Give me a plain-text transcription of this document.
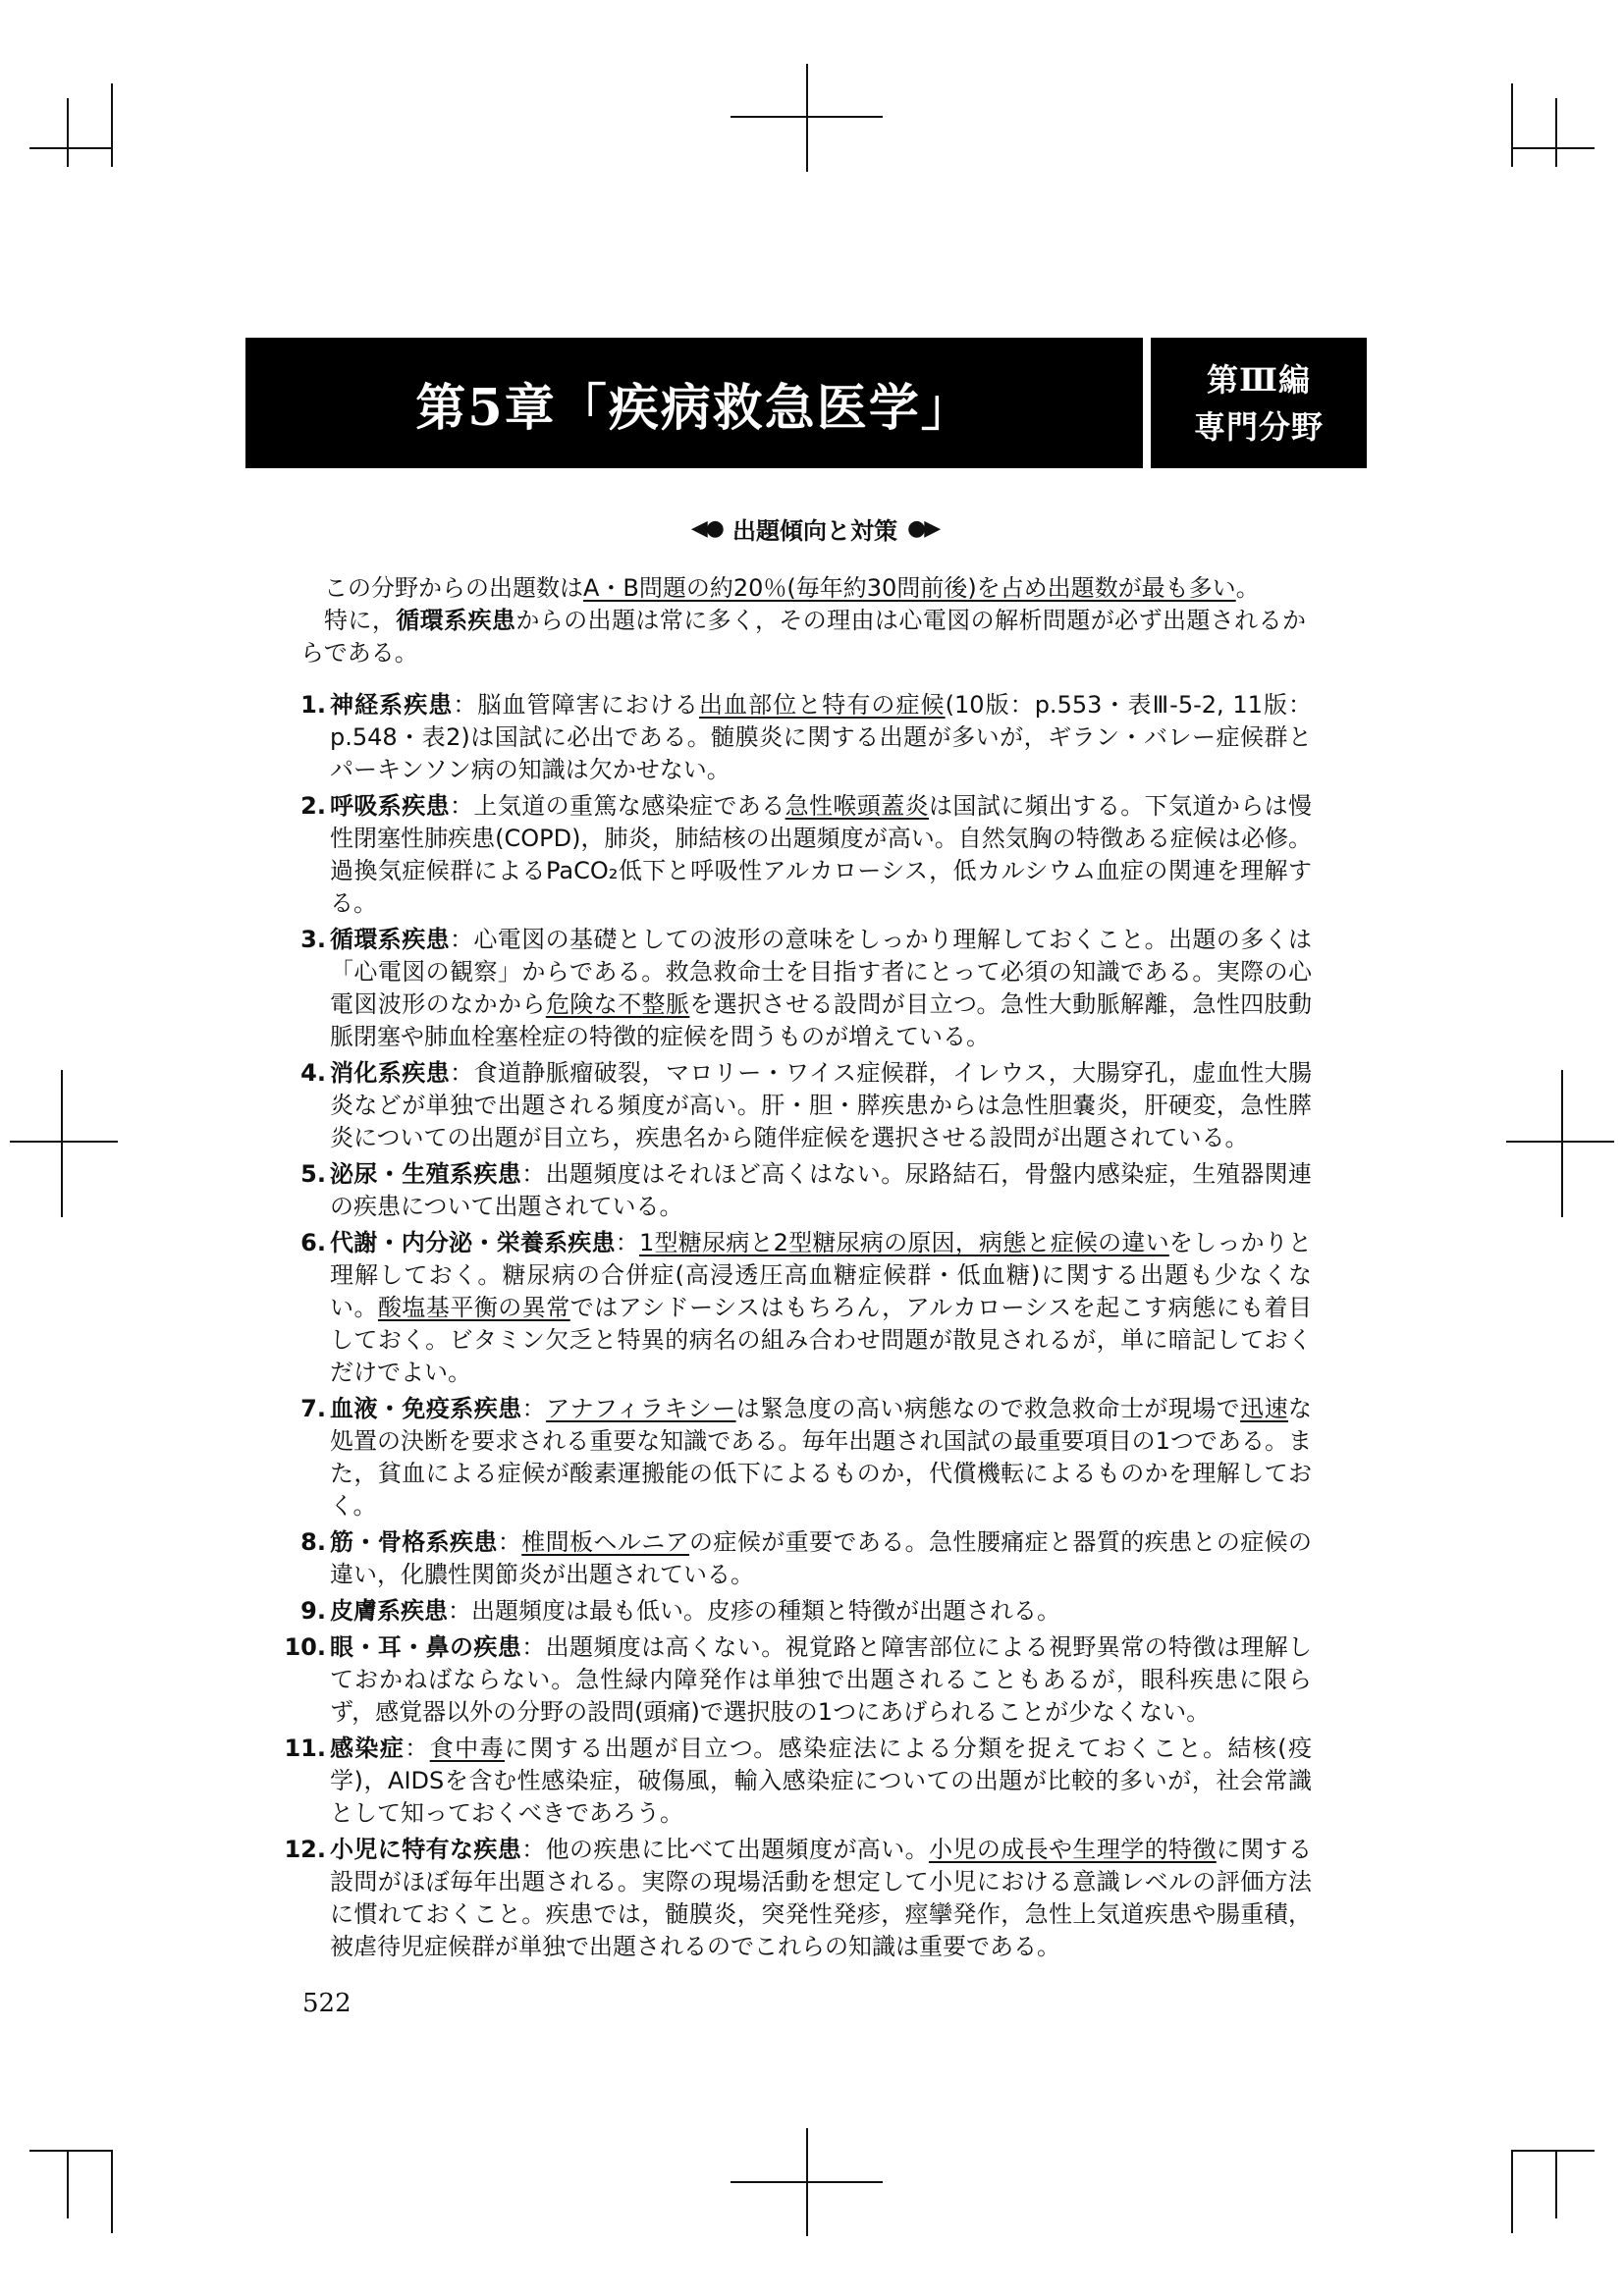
第5章「疾病救急医学」	第Ⅲ編
専門分野
◀● 出題傾向と対策 ●▶

この分野からの出題数はA・B問題の約20％(毎年約30問前後)を占め出題数が最も多い。

特に，循環系疾患からの出題は常に多く，その理由は心電図の解析問題が必ず出題されるからである。

1. 神経系疾患：脳血管障害における出血部位と特有の症候(10版：p.553・表Ⅲ-5-2, 11版：p.548・表2)は国試に必出である。髄膜炎に関する出題が多いが，ギラン・バレー症候群とパーキンソン病の知識は欠かせない。
2. 呼吸系疾患：上気道の重篤な感染症である急性喉頭蓋炎は国試に頻出する。下気道からは慢性閉塞性肺疾患(COPD)，肺炎，肺結核の出題頻度が高い。自然気胸の特徴ある症候は必修。過換気症候群によるPaCO₂低下と呼吸性アルカローシス，低カルシウム血症の関連を理解する。
3. 循環系疾患：心電図の基礎としての波形の意味をしっかり理解しておくこと。出題の多くは「心電図の観察」からである。救急救命士を目指す者にとって必須の知識である。実際の心電図波形のなかから危険な不整脈を選択させる設問が目立つ。急性大動脈解離，急性四肢動脈閉塞や肺血栓塞栓症の特徴的症候を問うものが増えている。
4. 消化系疾患：食道静脈瘤破裂，マロリー・ワイス症候群，イレウス，大腸穿孔，虚血性大腸炎などが単独で出題される頻度が高い。肝・胆・膵疾患からは急性胆嚢炎，肝硬変，急性膵炎についての出題が目立ち，疾患名から随伴症候を選択させる設問が出題されている。
5. 泌尿・生殖系疾患：出題頻度はそれほど高くはない。尿路結石，骨盤内感染症，生殖器関連の疾患について出題されている。
6. 代謝・内分泌・栄養系疾患：1型糖尿病と2型糖尿病の原因，病態と症候の違いをしっかりと理解しておく。糖尿病の合併症(高浸透圧高血糖症候群・低血糖)に関する出題も少なくない。酸塩基平衡の異常ではアシドーシスはもちろん，アルカローシスを起こす病態にも着目しておく。ビタミン欠乏と特異的病名の組み合わせ問題が散見されるが，単に暗記しておくだけでよい。
7. 血液・免疫系疾患：アナフィラキシーは緊急度の高い病態なので救急救命士が現場で迅速な処置の決断を要求される重要な知識である。毎年出題され国試の最重要項目の1つである。また，貧血による症候が酸素運搬能の低下によるものか，代償機転によるものかを理解しておく。
8. 筋・骨格系疾患：椎間板ヘルニアの症候が重要である。急性腰痛症と器質的疾患との症候の違い，化膿性関節炎が出題されている。
9. 皮膚系疾患：出題頻度は最も低い。皮疹の種類と特徴が出題される。
10. 眼・耳・鼻の疾患：出題頻度は高くない。視覚路と障害部位による視野異常の特徴は理解しておかねばならない。急性緑内障発作は単独で出題されることもあるが，眼科疾患に限らず，感覚器以外の分野の設問(頭痛)で選択肢の1つにあげられることが少なくない。
11. 感染症：食中毒に関する出題が目立つ。感染症法による分類を捉えておくこと。結核(疫学)，AIDSを含む性感染症，破傷風，輸入感染症についての出題が比較的多いが，社会常識として知っておくべきであろう。
12. 小児に特有な疾患：他の疾患に比べて出題頻度が高い。小児の成長や生理学的特徴に関する設問がほぼ毎年出題される。実際の現場活動を想定して小児における意識レベルの評価方法に慣れておくこと。疾患では，髄膜炎，突発性発疹，痙攣発作，急性上気道疾患や腸重積，被虐待児症候群が単独で出題されるのでこれらの知識は重要である。
522
